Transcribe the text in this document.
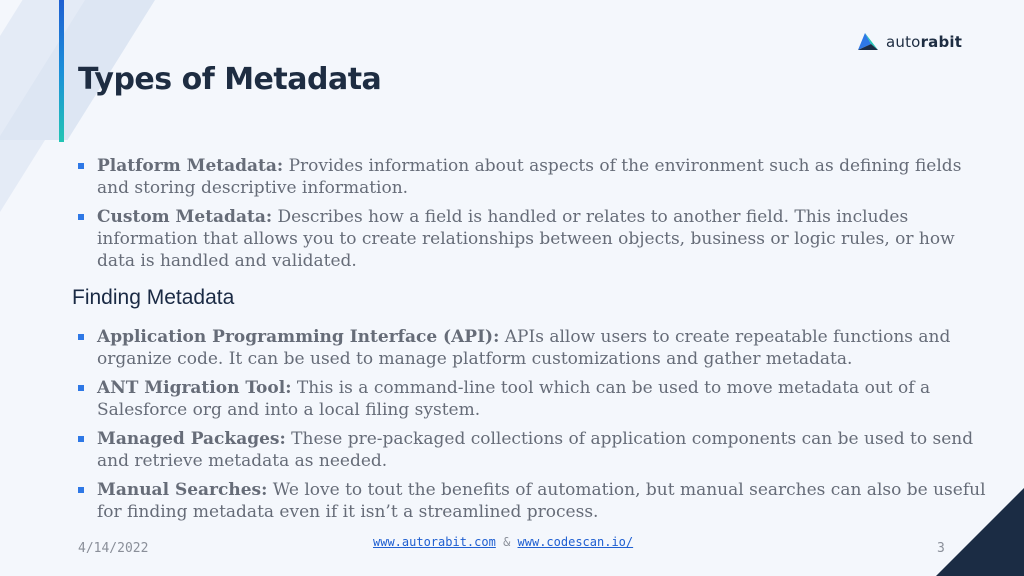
autorabit
Types of Metadata
Platform Metadata: Provides information about aspects of the environment such as defining fields and storing descriptive information.
Custom Metadata: Describes how a field is handled or relates to another field. This includes information that allows you to create relationships between objects, business or logic rules, or how data is handled and validated.
Finding Metadata
Application Programming Interface (API): APIs allow users to create repeatable functions and organize code. It can be used to manage platform customizations and gather metadata.
ANT Migration Tool: This is a command-line tool which can be used to move metadata out of a Salesforce org and into a local filing system.
Managed Packages: These pre-packaged collections of application components can be used to send and retrieve metadata as needed.
Manual Searches: We love to tout the benefits of automation, but manual searches can also be useful for finding metadata even if it isn’t a streamlined process.
4/14/2022	www.autorabit.com & www.codescan.io/	3
